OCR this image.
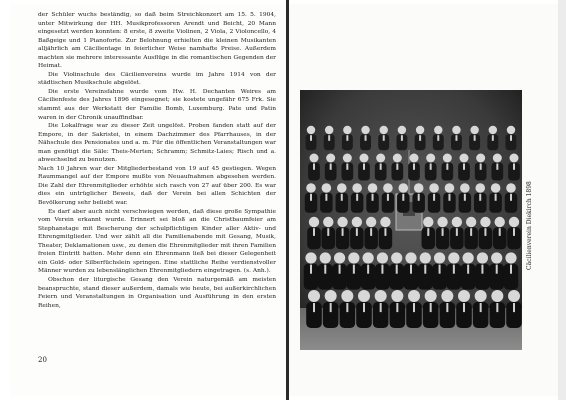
der Schüler wuchs beständig, so daß beim Streichkonzert am 15. 5. 1904, unter Mitwirkung der HH. Musikprofessoren Arendt und Beicht, 20 Mann eingesetzt werden konnten: 8 erste, 8 zweite Violinen, 2 Viola, 2 Violoncello, 4 Baßgeige und 1 Pianoforte. Zur Belohnung erhielten die kleinen Musikanten alljährlich am Cäcilientage in feierlicher Weise namhafte Preise. Außerdem machten sie mehrere interessante Ausflüge in die romantischen Gegenden der Heimat.

Die Violinschule des Cäcilienvereins wurde im Jahre 1914 von der städtischen Musikschule abgelöst.

Die erste Vereinsfahne wurde vom Hw. H. Dechanten Weires am Cäcilienfeste des Jahres 1896 eingesegnet; sie kostete ungefähr 675 Frk. Sie stammt aus der Werkstatt der Familie Bomb, Luxemburg. Pate und Patin waren in der Chronik unauffindbar.

Die Lokalfrage war zu dieser Zeit ungelöst. Proben fanden statt auf der Empore, in der Sakristei, in einem Dachzimmer des Pfarrhauses, in der Nähschule des Pensionates und a. m. Für die öffentlichen Veranstaltungen war man genötigt die Säle: Theis-Merten; Schramm; Schmitz-Laies; Risch und a. abwechselnd zu benutzen.

Nach 10 Jahren war der Mitgliederbestand von 19 auf 45 gestiegen. Wegen Raummangel auf der Empore mußte von Neuaufnahmen abgesehen werden. Die Zahl der Ehrenmitglieder erhöhte sich rasch von 27 auf über 200. Es war dies ein untrüglicher Beweis, daß der Verein bei allen Schichten der Bevölkerung sehr beliebt war.

Es darf aber auch nicht verschwiegen werden, daß diese große Sympathie vom Verein erkannt wurde. Erinnert sei bloß an die Christbaumfeier am Stephanstage mit Bescherung der schulpflichtigen Kinder aller Aktiv- und Ehrengmitglieder. Und wer zählt all die Familienabende mit Gesang, Musik, Theater, Deklamationen usw., zu denen die Ehrenmitglieder mit ihren Familien freien Eintritt hatten. Mehr denn ein Ehrenmann ließ bei dieser Gelegenheit ein Gold- oder Silberfüchslein springen. Eine stattliche Reihe verdienstvoller Männer wurden zu lebenslänglichen Ehrenmitgliedern eingetragen. (s. Anh.).

Obschon der liturgische Gesang den Verein naturgemäß am meisten beanspruchte, stand dieser außerdem, damals wie heute, bei außerkirchlichen Feiern und Veranstaltungen in Organisation und Ausführung in den ersten Reihen,

20
Cäcilienverein Diekirch 1898
